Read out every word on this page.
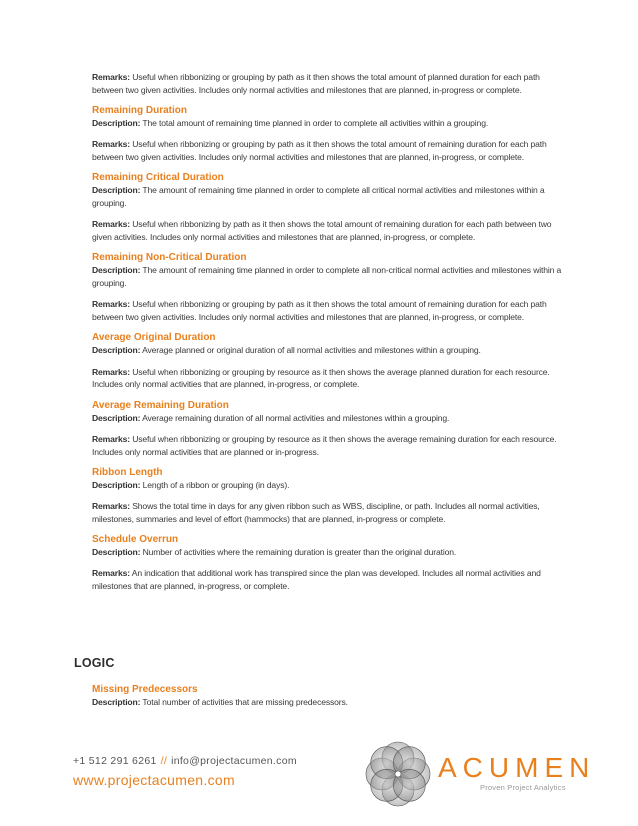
Remarks: Useful when ribbonizing or grouping by path as it then shows the total amount of planned duration for each path between two given activities. Includes only normal activities and milestones that are planned, in-progress or complete.

Remaining Duration

Description: The total amount of remaining time planned in order to complete all activities within a grouping.

Remarks: Useful when ribbonizing or grouping by path as it then shows the total amount of remaining duration for each path between two given activities. Includes only normal activities and milestones that are planned, in-progress, or complete.

Remaining Critical Duration

Description: The amount of remaining time planned in order to complete all critical normal activities and milestones within a grouping.

Remarks: Useful when ribbonizing by path as it then shows the total amount of remaining duration for each path between two given activities. Includes only normal activities and milestones that are planned, in-progress, or complete.

Remaining Non-Critical Duration

Description: The amount of remaining time planned in order to complete all non-critical normal activities and milestones within a grouping.

Remarks: Useful when ribbonizing or grouping by path as it then shows the total amount of remaining duration for each path between two given activities. Includes only normal activities and milestones that are planned, in-progress, or complete.

Average Original Duration

Description: Average planned or original duration of all normal activities and milestones within a grouping.

Remarks: Useful when ribbonizing or grouping by resource as it then shows the average planned duration for each resource. Includes only normal activities that are planned, in-progress, or complete.

Average Remaining Duration

Description: Average remaining duration of all normal activities and milestones within a grouping.

Remarks: Useful when ribbonizing or grouping by resource as it then shows the average remaining duration for each resource. Includes only normal activities that are planned or in-progress.

Ribbon Length

Description: Length of a ribbon or grouping (in days).

Remarks: Shows the total time in days for any given ribbon such as WBS, discipline, or path. Includes all normal activities, milestones, summaries and level of effort (hammocks) that are planned, in-progress or complete.

Schedule Overrun

Description: Number of activities where the remaining duration is greater than the original duration.

Remarks: An indication that additional work has transpired since the plan was developed. Includes all normal activities and milestones that are planned, in-progress, or complete.

LOGIC
Missing Predecessors

Description: Total number of activities that are missing predecessors.

+1 512 291 6261 // info@projectacumen.com
www.projectacumen.com	ACUMEN
Proven Project Analytics
